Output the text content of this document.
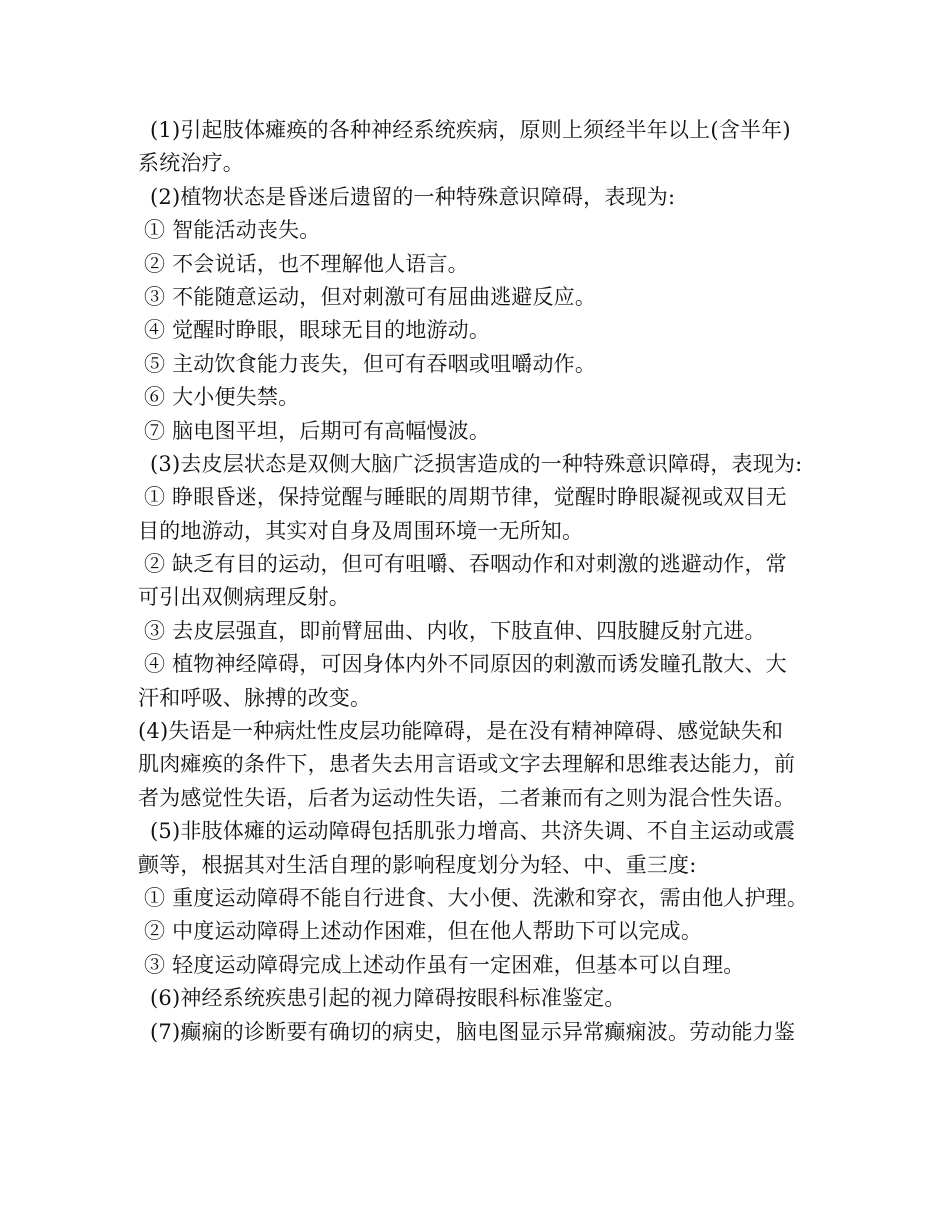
(1)引起肢体瘫痪的各种神经系统疾病，原则上须经半年以上(含半年)
系统治疗。
(2)植物状态是昏迷后遗留的一种特殊意识障碍，表现为:
① 智能活动丧失。
② 不会说话，也不理解他人语言。
③ 不能随意运动，但对刺激可有屈曲逃避反应。
④ 觉醒时睁眼，眼球无目的地游动。
⑤ 主动饮食能力丧失，但可有吞咽或咀嚼动作。
⑥ 大小便失禁。
⑦ 脑电图平坦，后期可有高幅慢波。
(3)去皮层状态是双侧大脑广泛损害造成的一种特殊意识障碍，表现为:
① 睁眼昏迷，保持觉醒与睡眠的周期节律，觉醒时睁眼凝视或双目无
目的地游动，其实对自身及周围环境一无所知。
② 缺乏有目的运动，但可有咀嚼、吞咽动作和对刺激的逃避动作，常
可引出双侧病理反射。
③ 去皮层强直，即前臂屈曲、内收，下肢直伸、四肢腱反射亢进。
④ 植物神经障碍，可因身体内外不同原因的刺激而诱发瞳孔散大、大
汗和呼吸、脉搏的改变。
(4)失语是一种病灶性皮层功能障碍，是在没有精神障碍、感觉缺失和
肌肉瘫痪的条件下，患者失去用言语或文字去理解和思维表达能力，前
者为感觉性失语，后者为运动性失语，二者兼而有之则为混合性失语。
(5)非肢体瘫的运动障碍包括肌张力增高、共济失调、不自主运动或震
颤等，根据其对生活自理的影响程度划分为轻、中、重三度:
① 重度运动障碍不能自行进食、大小便、洗漱和穿衣，需由他人护理。
② 中度运动障碍上述动作困难，但在他人帮助下可以完成。
③ 轻度运动障碍完成上述动作虽有一定困难，但基本可以自理。
(6)神经系统疾患引起的视力障碍按眼科标准鉴定。
(7)癫痫的诊断要有确切的病史，脑电图显示异常癫痫波。劳动能力鉴
